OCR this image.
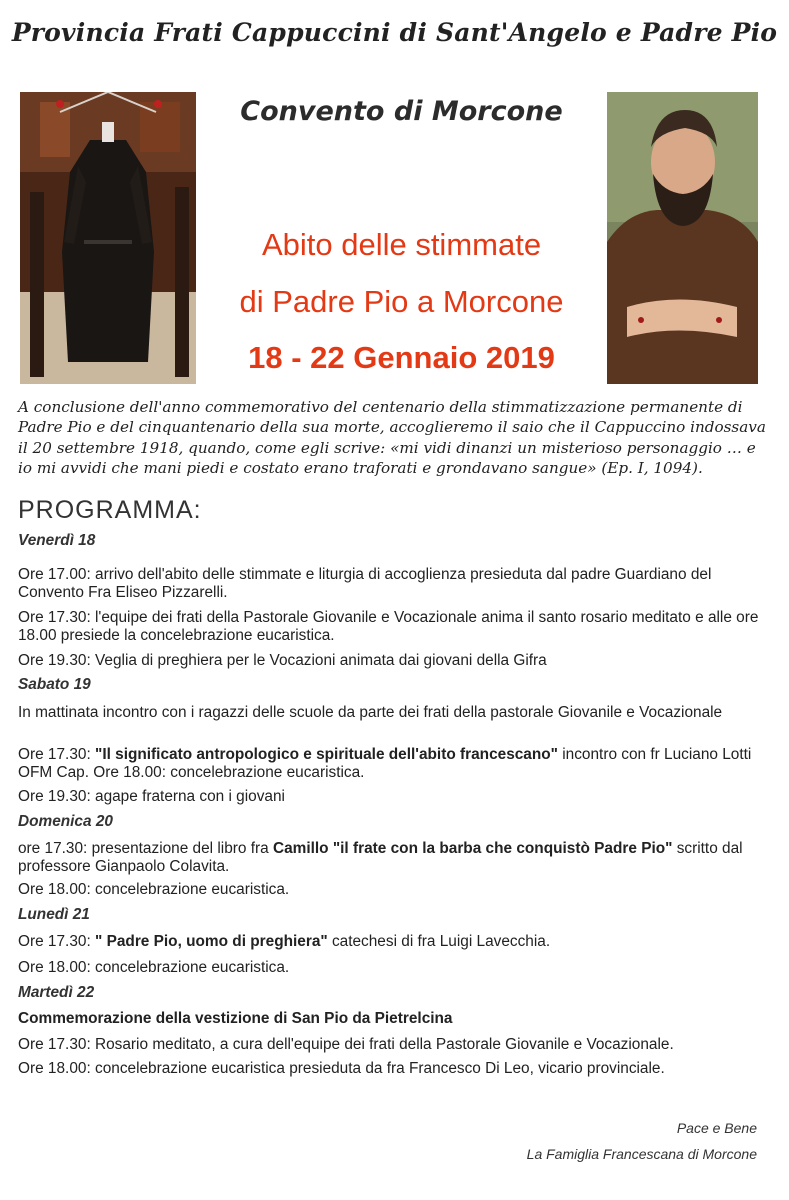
Provincia Frati Cappuccini di Sant'Angelo e Padre Pio
Convento di Morcone
Abito delle stimmate
di Padre Pio a Morcone
18 - 22 Gennaio 2019
A conclusione dell'anno commemorativo del centenario della stimmatizzazione permanente di Padre Pio e del cinquantenario della sua morte, accoglieremo il saio che il Cappuccino indossava il 20 settembre 1918, quando, come egli scrive: «mi vidi dinanzi un misterioso personaggio … e io mi avvidi che mani piedi e costato erano traforati e grondavano sangue» (Ep. I, 1094).
PROGRAMMA:
Venerdì 18
Ore 17.00: arrivo dell'abito delle stimmate e liturgia di accoglienza presieduta dal padre Guardiano del Convento Fra Eliseo Pizzarelli.
Ore 17.30: l'equipe dei frati della Pastorale Giovanile e Vocazionale anima il santo rosario meditato e alle ore 18.00 presiede la concelebrazione eucaristica.
Ore 19.30: Veglia di preghiera per le Vocazioni animata dai giovani della Gifra
Sabato 19
In mattinata incontro con i ragazzi delle scuole da parte dei frati della pastorale Giovanile e Vocazionale
Ore 17.30: "Il significato antropologico e spirituale dell'abito francescano" incontro con fr Luciano Lotti OFM Cap. Ore 18.00: concelebrazione eucaristica.
Ore 19.30: agape fraterna con i giovani
Domenica 20
ore 17.30: presentazione del libro fra Camillo "il frate con la barba che conquistò Padre Pio" scritto dal professore Gianpaolo Colavita.
Ore 18.00: concelebrazione eucaristica.
Lunedì 21
Ore 17.30: " Padre Pio, uomo di preghiera" catechesi di fra Luigi Lavecchia.
Ore 18.00: concelebrazione eucaristica.
Martedì 22
Commemorazione della vestizione di San Pio da Pietrelcina
Ore 17.30: Rosario meditato, a cura dell'equipe dei frati della Pastorale Giovanile e Vocazionale.
Ore 18.00: concelebrazione eucaristica presieduta da fra Francesco Di Leo, vicario provinciale.
Pace e Bene
La Famiglia Francescana di Morcone
